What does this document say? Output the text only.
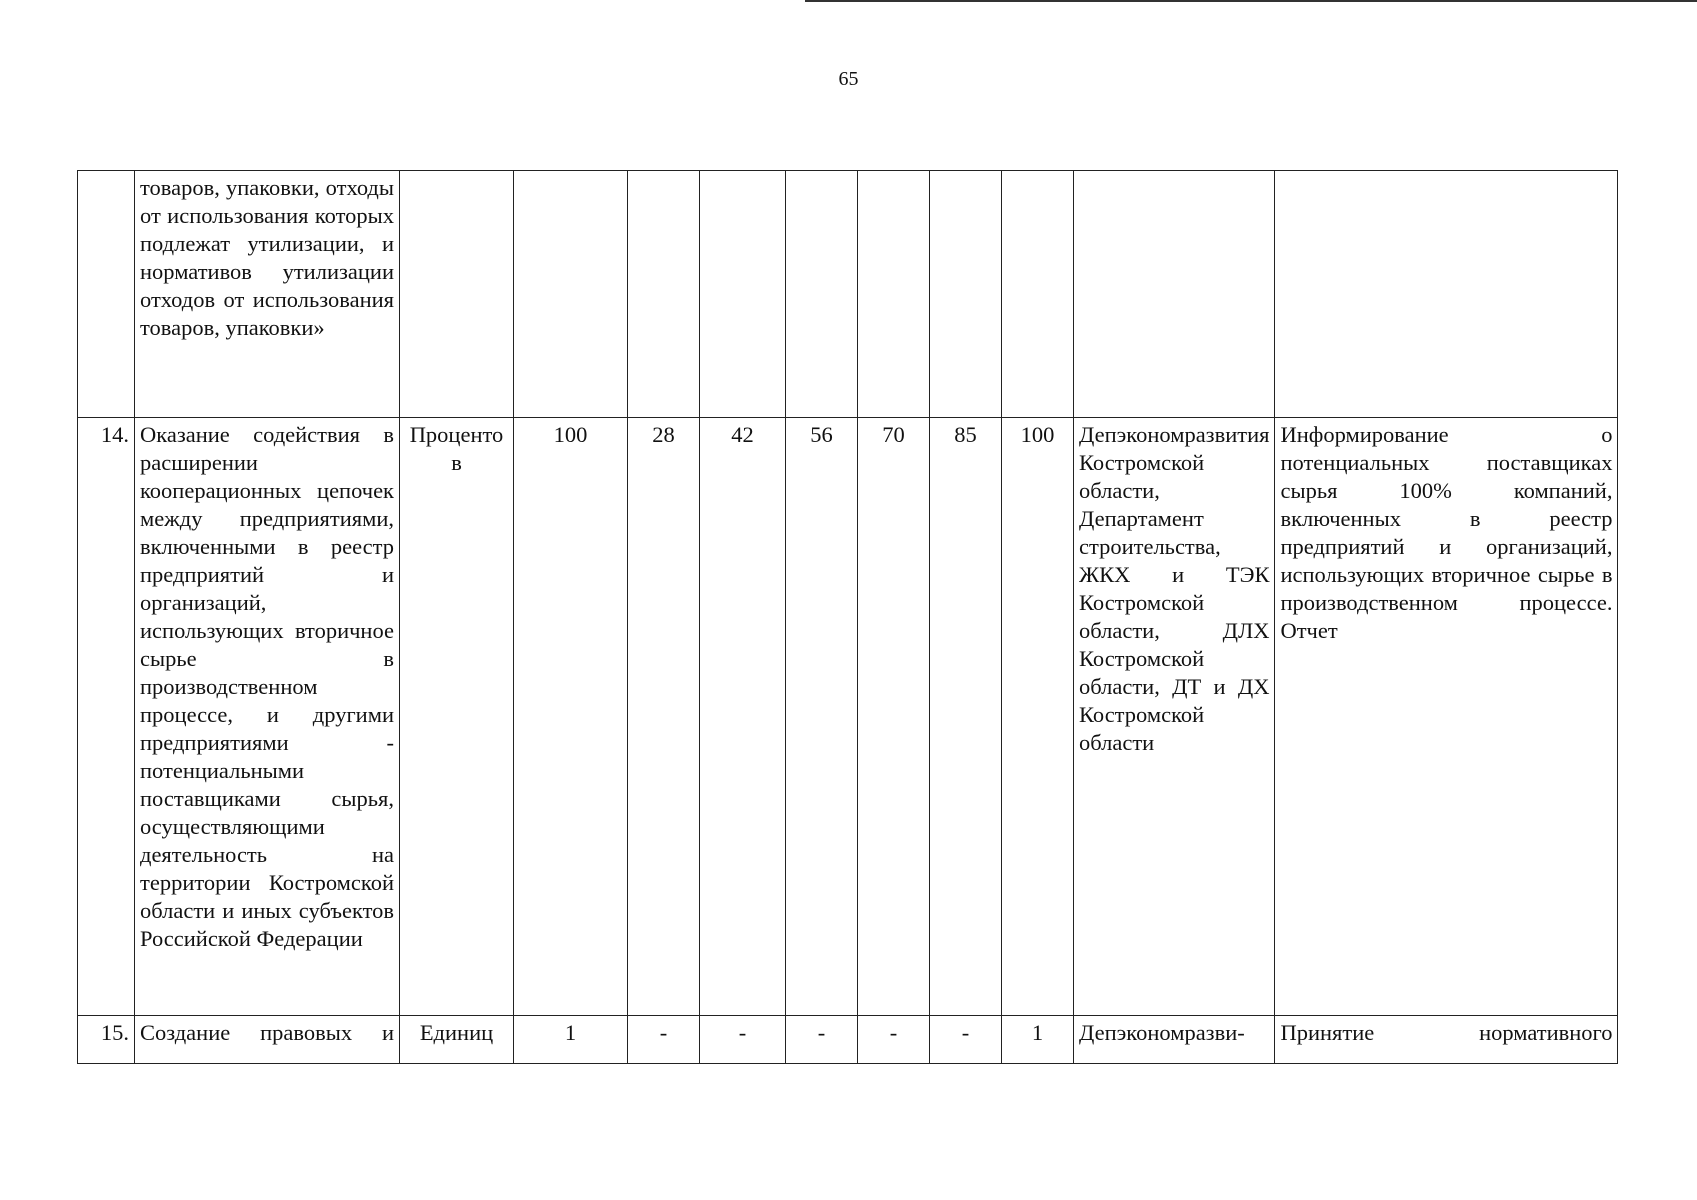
65
	товаров, упаковки, отходы от использования которых подлежат утилизации, и нормативов утилизации отходов от использования товаров, упаковки»										
14.	Оказание содействия в расширении кооперационных цепочек между предприятиями, включенными в реестр предприятий и организаций, использующих вторичное сырье в производственном процессе, и другими предприятиями - потенциальными поставщиками сырья, осуществляющими деятельность на территории Костромской области и иных субъектов Российской Федерации	Процентов	100	28	42	56	70	85	100	Депэкономразвития Костромской области, Департамент строительства, ЖКХ и ТЭК Костромской области, ДЛХ Костромской области, ДТ и ДХ Костромской области	Информирование о потенциальных поставщиках сырья 100% компаний, включенных в реестр предприятий и организаций, использующих вторичное сырье в производственном процессе. Отчет
15.	Создание правовых и	Единиц	1	-	-	-	-	-	1	Депэкономразви-	Принятие нормативного
